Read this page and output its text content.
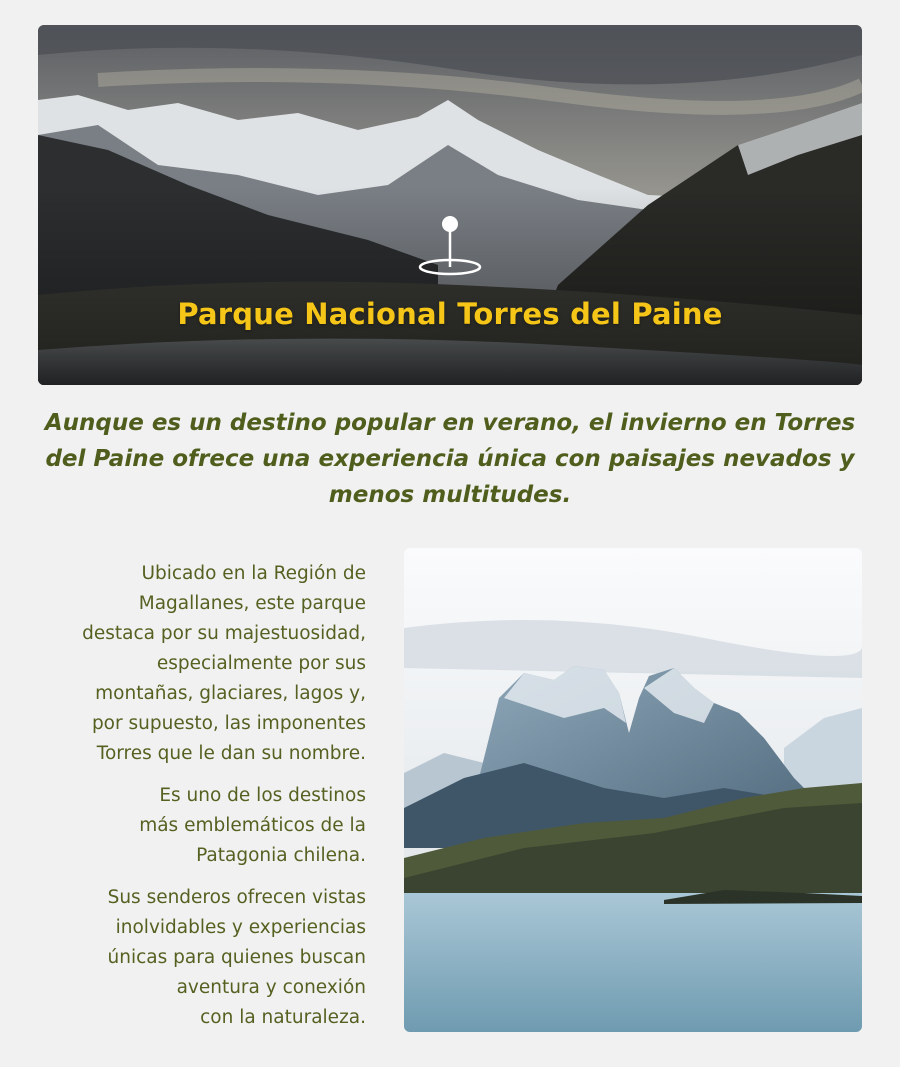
Parque Nacional Torres del Paine
Aunque es un destino popular en verano, el invierno en Torres del Paine ofrece una experiencia única con paisajes nevados y menos multitudes.

Ubicado en la Región de
Magallanes, este parque
destaca por su majestuosidad,
especialmente por sus
montañas, glaciares, lagos y,
por supuesto, las imponentes
Torres que le dan su nombre.

Es uno de los destinos
más emblemáticos de la
Patagonia chilena.

Sus senderos ofrecen vistas
inolvidables y experiencias
únicas para quienes buscan
aventura y conexión
con la naturaleza.
